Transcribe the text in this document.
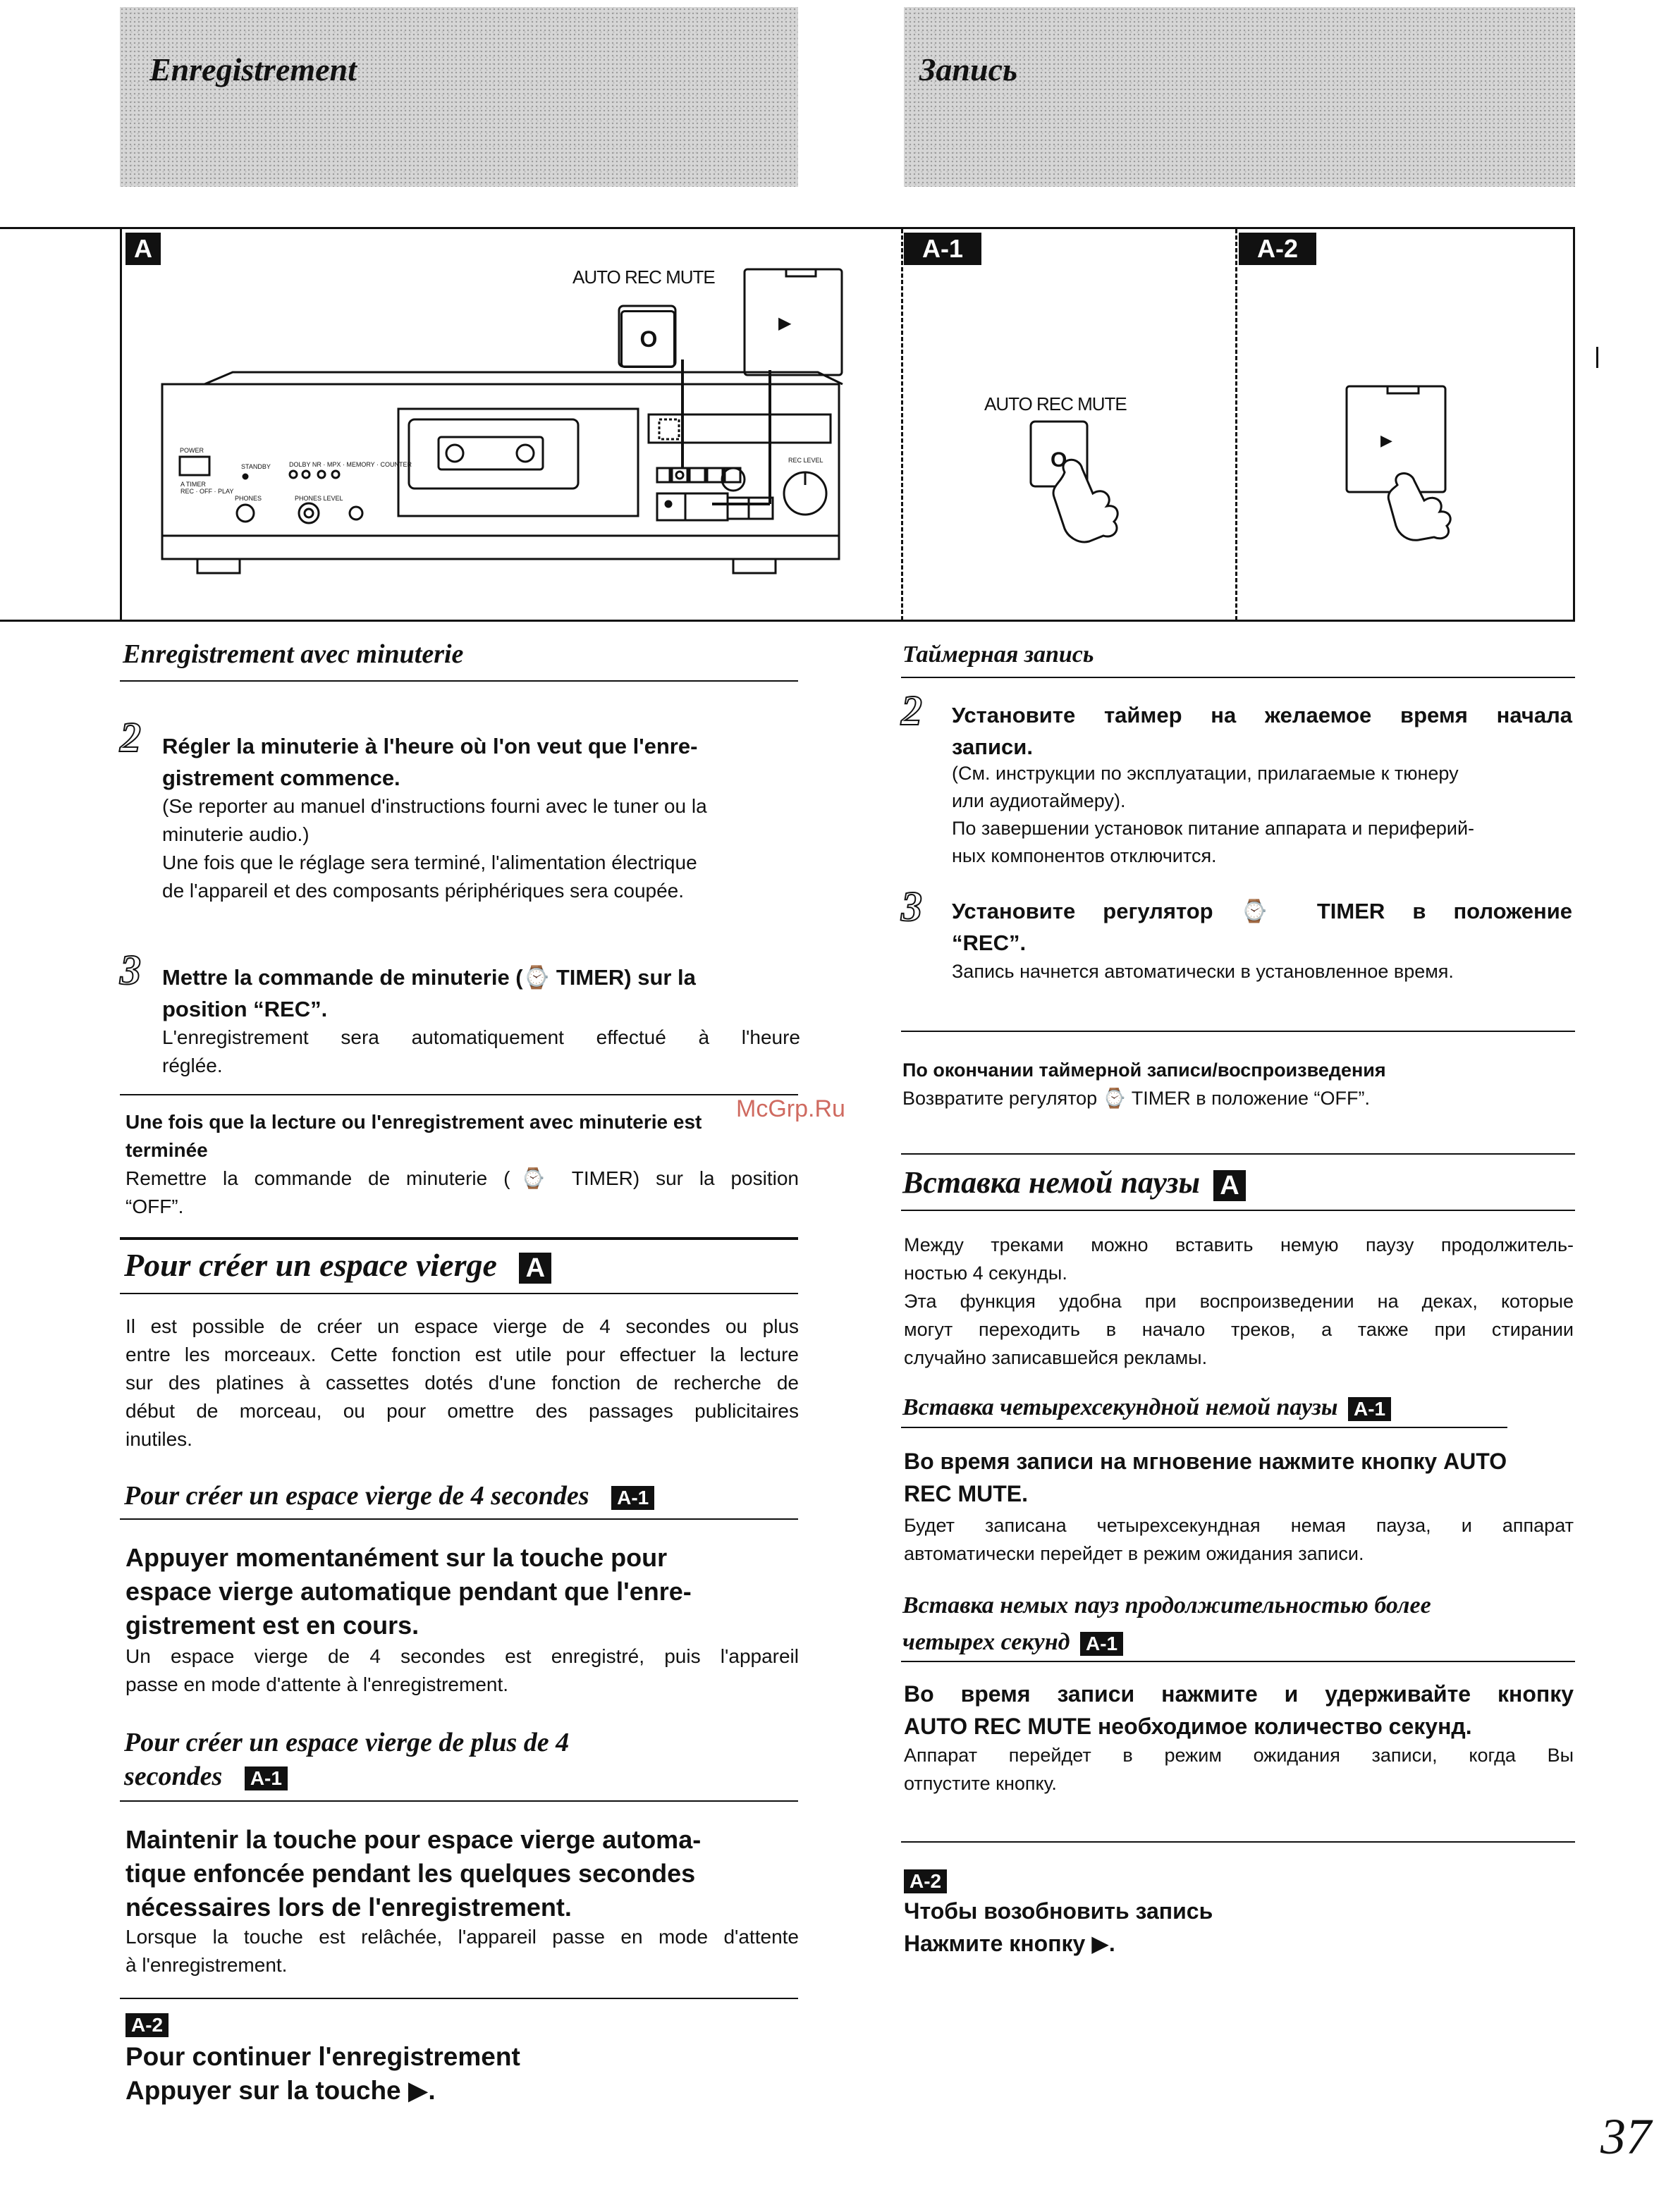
Enregistrement	Запись
A	A-1	A-2
AUTO REC MUTE
AUTO REC MUTE
POWER
STANDBY	DOLBY NR · MPX · MEMORY · COUNTER
PHONES	PHONES LEVEL
A TIMER
REC · OFF · PLAY
REC LEVEL
O
▶
O
▶
Enregistrement avec minuterie
2 Régler la minuterie à l'heure où l'on veut que l'enre-
gistrement commence.
(Se reporter au manuel d'instructions fourni avec le tuner ou la
minuterie audio.)
Une fois que le réglage sera terminé, l'alimentation électrique
de l'appareil et des composants périphériques sera coupée.
3 Mettre la commande de minuterie (⌚ TIMER) sur la
position “REC”.
L'enregistrement sera automatiquement effectué à l'heure
réglée.
Une fois que la lecture ou l'enregistrement avec minuterie est
terminée
Remettre la commande de minuterie (⌚ TIMER) sur la position
“OFF”.
Pour créer un espace vierge A
Il est possible de créer un espace vierge de 4 secondes ou plus
entre les morceaux. Cette fonction est utile pour effectuer la lecture
sur des platines à cassettes dotés d'une fonction de recherche de
début de morceau, ou pour omettre des passages publicitaires
inutiles.
Pour créer un espace vierge de 4 secondes A-1
Appuyer momentanément sur la touche pour
espace vierge automatique pendant que l'enre-
gistrement est en cours.
Un espace vierge de 4 secondes est enregistré, puis l'appareil
passe en mode d'attente à l'enregistrement.
Pour créer un espace vierge de plus de 4
secondes A-1
Maintenir la touche pour espace vierge automa-
tique enfoncée pendant les quelques secondes
nécessaires lors de l'enregistrement.
Lorsque la touche est relâchée, l'appareil passe en mode d'attente
à l'enregistrement.
A-2
Pour continuer l'enregistrement
Appuyer sur la touche ▶.
Таймерная запись
2 Установите таймер на желаемое время начала
записи.
(См. инструкции по эксплуатации, прилагаемые к тюнеру
или аудиотаймеру).
По завершении установок питание аппарата и периферий-
ных компонентов отключится.
3 Установите регулятор ⌚ TIMER в положение
“REC”.
Запись начнется автоматически в установленное время.
По окончании таймерной записи/воспроизведения
Возвратите регулятор ⌚ TIMER в положение “OFF”.
Вставка немой паузы A
Между треками можно вставить немую паузу продолжитель-
ностью 4 секунды.
Эта функция удобна при воспроизведении на деках, которые
могут переходить в начало треков, а также при стирании
случайно записавшейся рекламы.
Вставка четырехсекундной немой паузы A-1
Во время записи на мгновение нажмите кнопку AUTO
REC MUTE.
Будет записана четырехсекундная немая пауза, и аппарат
автоматически перейдет в режим ожидания записи.
Вставка немых пауз продолжительностью более
четырех секунд A-1
Во время записи нажмите и удерживайте кнопку
AUTO REC MUTE необходимое количество секунд.
Аппарат перейдет в режим ожидания записи, когда Вы
отпустите кнопку.
A-2
Чтобы возобновить запись
Нажмите кнопку ▶.
McGrp.Ru
37
